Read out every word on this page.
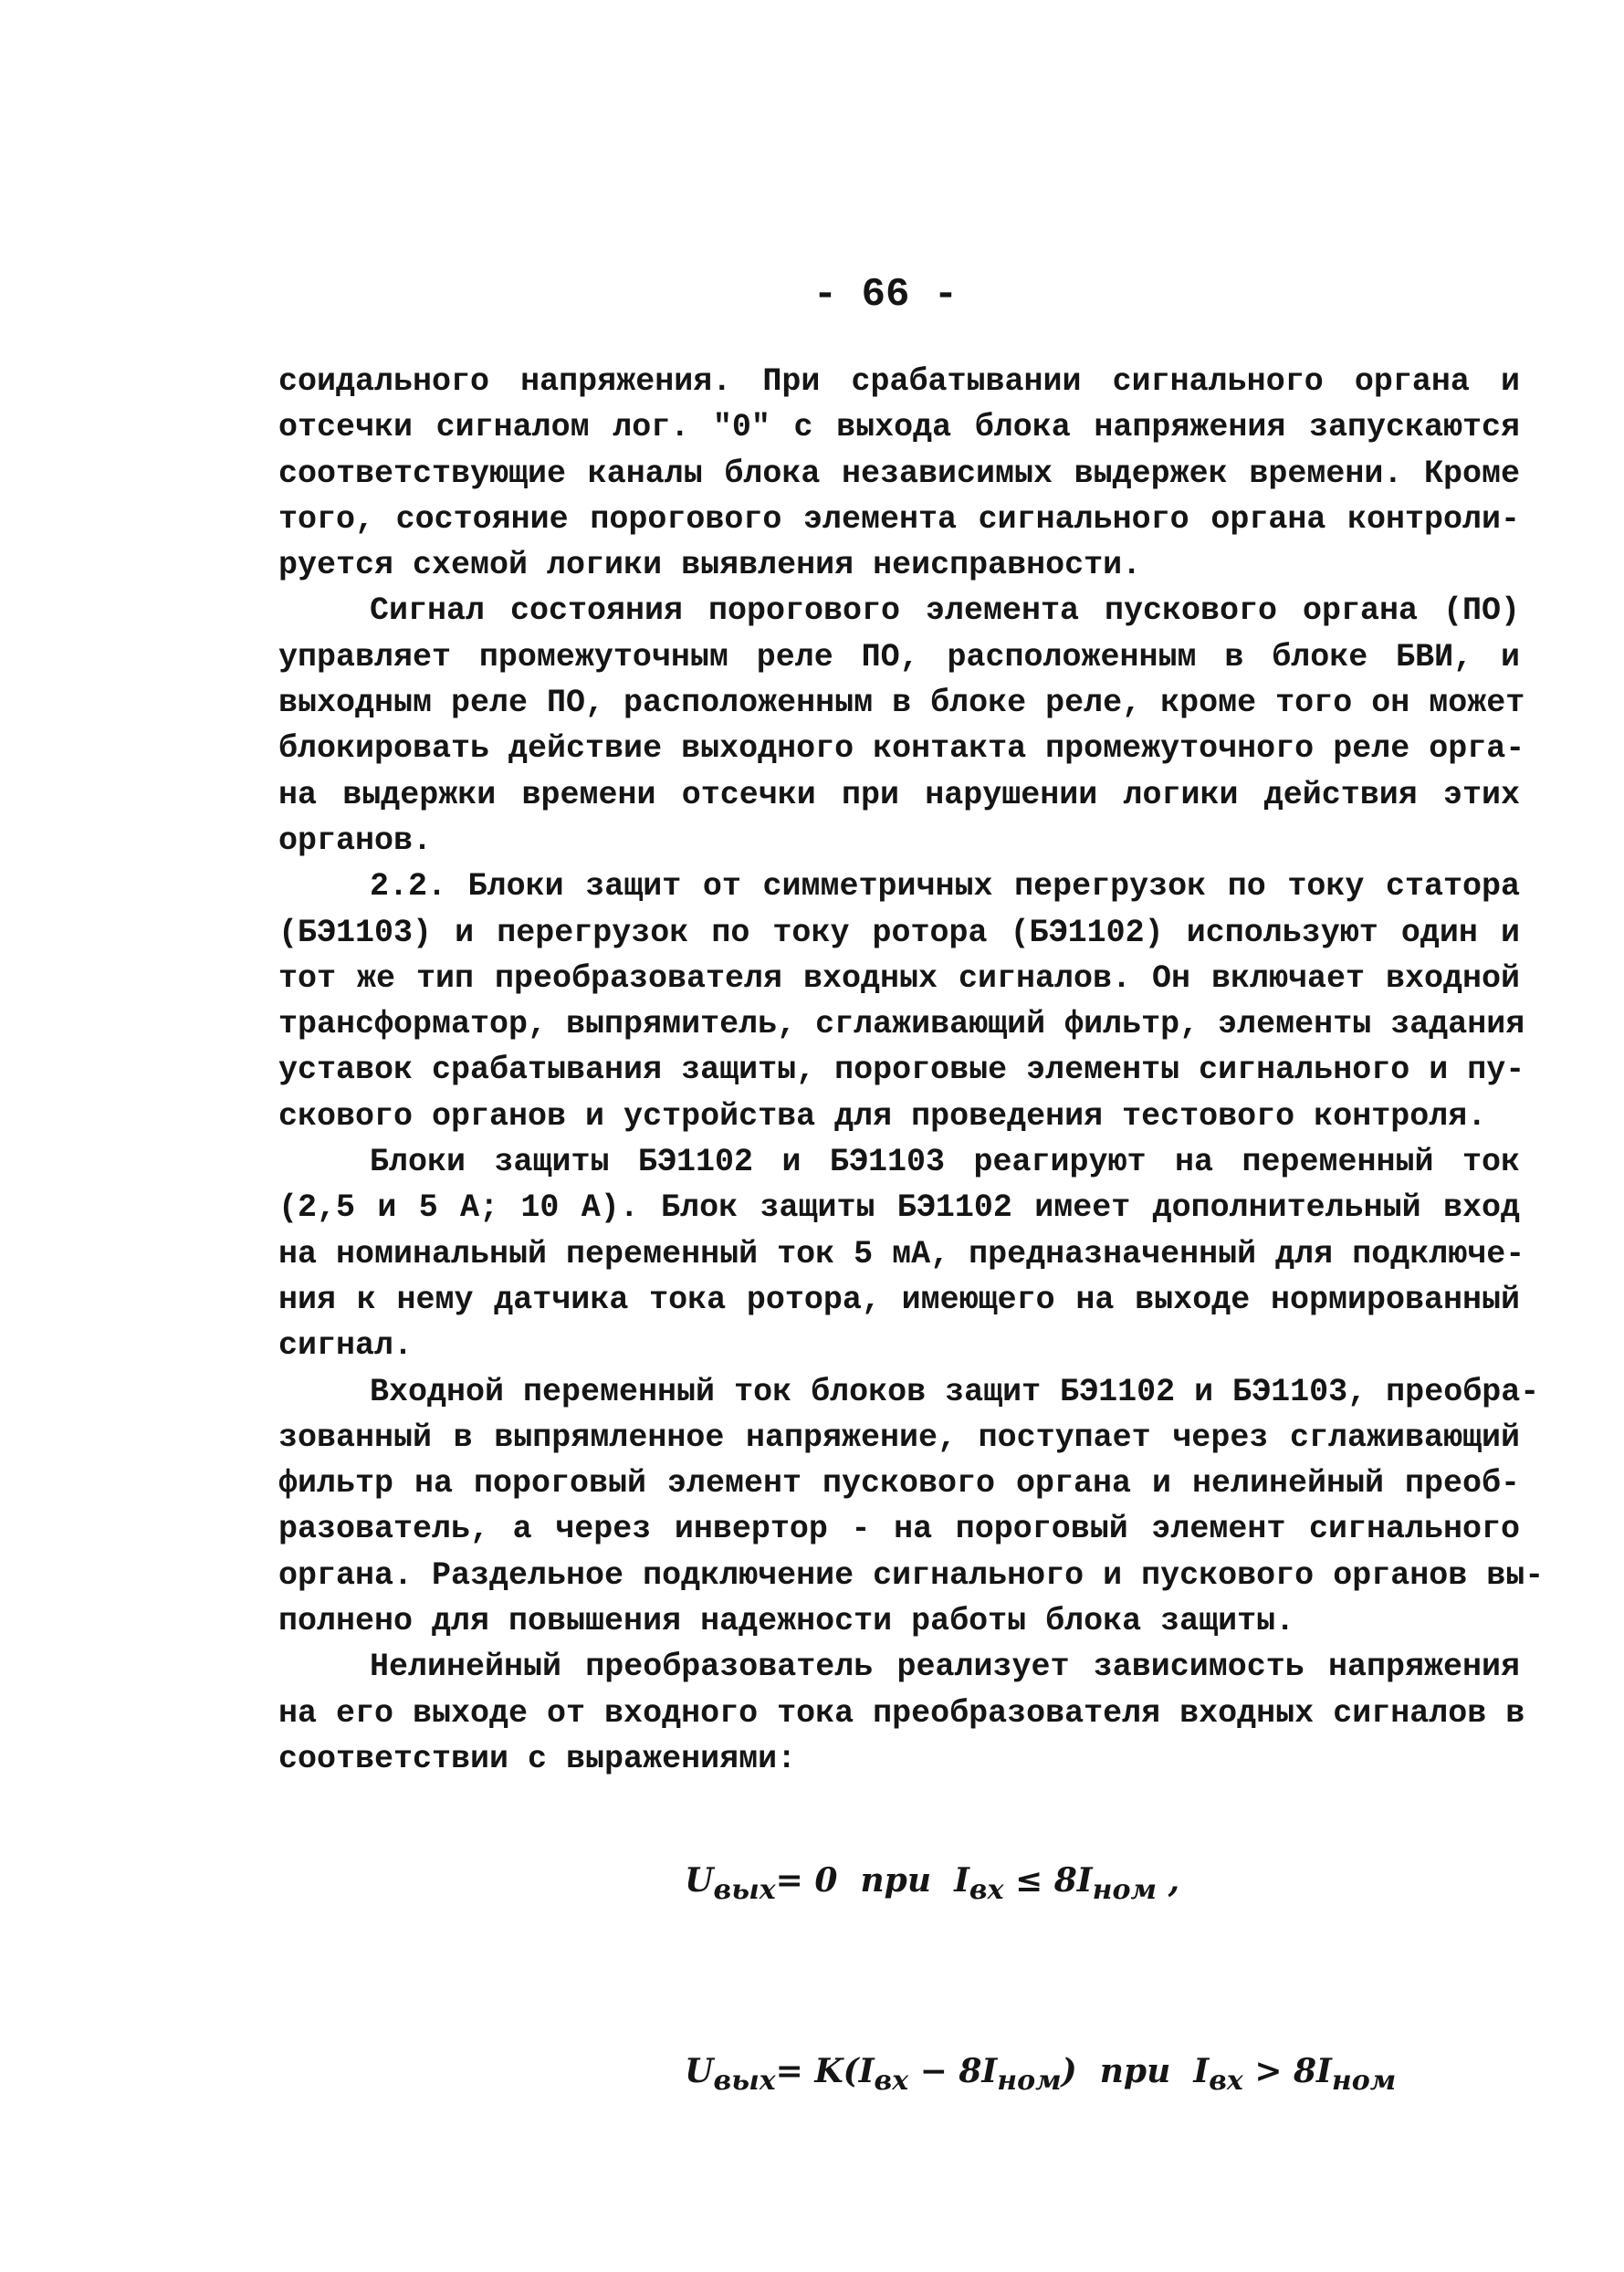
- 66 -
соидального напряжения. При срабатывании сигнального органа и
отсечки сигналом лог. "0" с выхода блока напряжения запускаются
соответствующие каналы блока независимых выдержек времени. Кроме
того, состояние порогового элемента сигнального органа контроли-
руется схемой логики выявления неисправности.
Сигнал состояния порогового элемента пускового органа (ПО)
управляет промежуточным реле ПО, расположенным в блоке БВИ, и
выходным реле ПО, расположенным в блоке реле, кроме того он может
блокировать действие выходного контакта промежуточного реле орга-
на выдержки времени отсечки при нарушении логики действия этих
органов.
2.2. Блоки защит от симметричных перегрузок по току статора
(БЭ1103) и перегрузок по току ротора (БЭ1102) используют один и
тот же тип преобразователя входных сигналов. Он включает входной
трансформатор, выпрямитель, сглаживающий фильтр, элементы задания
уставок срабатывания защиты, пороговые элементы сигнального и пу-
скового органов и устройства для проведения тестового контроля.
Блоки защиты БЭ1102 и БЭ1103 реагируют на переменный ток
(2,5 и 5 А; 10 А). Блок защиты БЭ1102 имеет дополнительный вход
на номинальный переменный ток 5 мА, предназначенный для подключе-
ния к нему датчика тока ротора, имеющего на выходе нормированный
сигнал.
Входной переменный ток блоков защит БЭ1102 и БЭ1103, преобра-
зованный в выпрямленное напряжение, поступает через сглаживающий
фильтр на пороговый элемент пускового органа и нелинейный преоб-
разователь, а через инвертор - на пороговый элемент сигнального
органа. Раздельное подключение сигнального и пускового органов вы-
полнено для повышения надежности работы блока защиты.
Нелинейный преобразователь реализует зависимость напряжения
на его выходе от входного тока преобразователя входных сигналов в
соответствии с выражениями:

$U_{вых}= 0$  при  $I_{вх} \le 8I_{ном}$ ,

$U_{вых}= K(I_{вх} - 8I_{ном})$  при  $I_{вх} > 8I_{ном}$
